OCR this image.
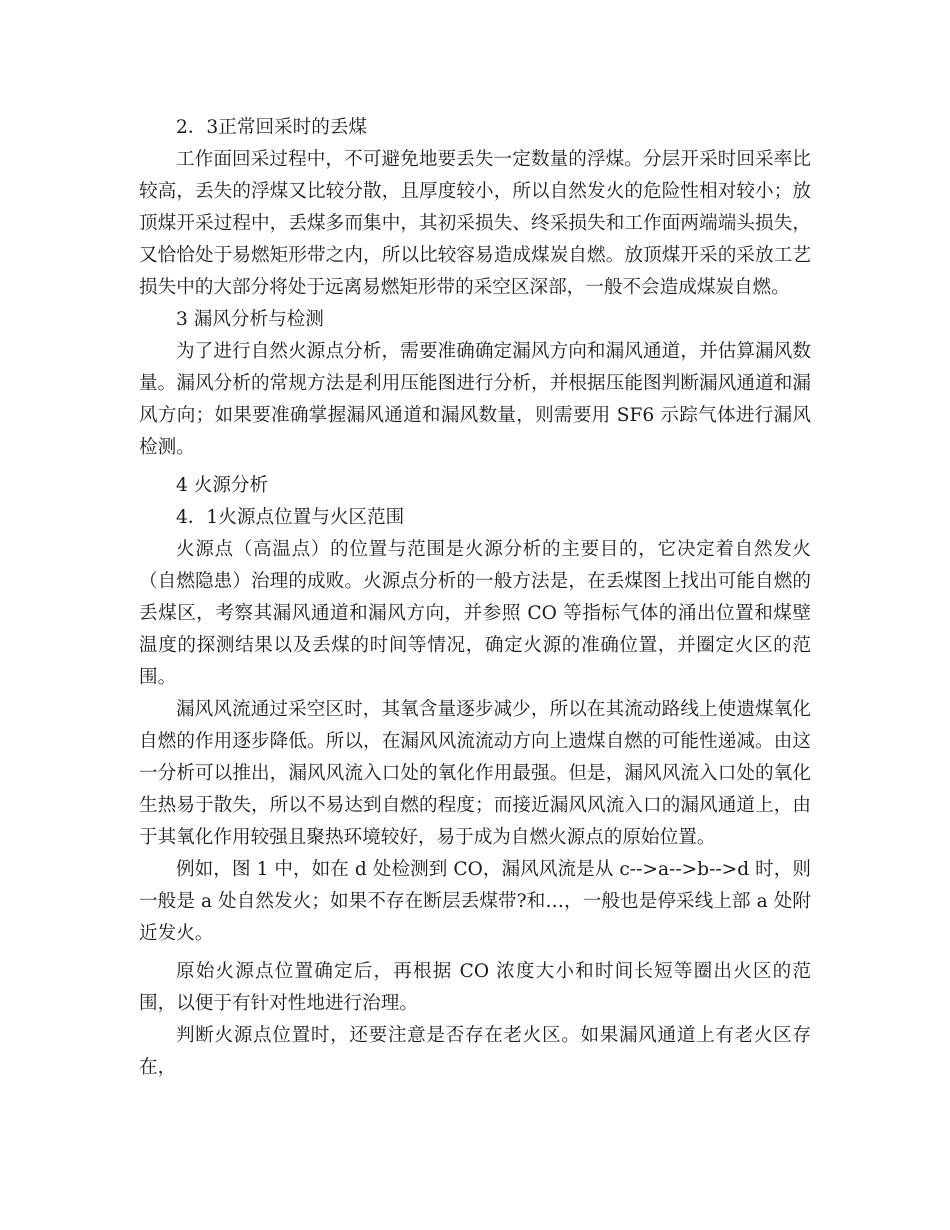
2．3正常回采时的丢煤

工作面回采过程中，不可避免地要丢失一定数量的浮煤。分层开采时回采率比较高，丢失的浮煤又比较分散，且厚度较小，所以自然发火的危险性相对较小；放顶煤开采过程中，丢煤多而集中，其初采损失、终采损失和工作面两端端头损失，又恰恰处于易燃矩形带之内，所以比较容易造成煤炭自燃。放顶煤开采的采放工艺损失中的大部分将处于远离易燃矩形带的采空区深部，一般不会造成煤炭自燃。

3 漏风分析与检测

为了进行自然火源点分析，需要准确确定漏风方向和漏风通道，并估算漏风数量。漏风分析的常规方法是利用压能图进行分析，并根据压能图判断漏风通道和漏风方向；如果要准确掌握漏风通道和漏风数量，则需要用 SF6 示踪气体进行漏风检测。

4 火源分析
4．1火源点位置与火区范围

火源点（高温点）的位置与范围是火源分析的主要目的，它决定着自然发火（自燃隐患）治理的成败。火源点分析的一般方法是，在丢煤图上找出可能自燃的丢煤区，考察其漏风通道和漏风方向，并参照 CO 等指标气体的涌出位置和煤壁温度的探测结果以及丢煤的时间等情况，确定火源的准确位置，并圈定火区的范围。

漏风风流通过采空区时，其氧含量逐步减少，所以在其流动路线上使遗煤氧化自燃的作用逐步降低。所以，在漏风风流流动方向上遗煤自燃的可能性递减。由这一分析可以推出，漏风风流入口处的氧化作用最强。但是，漏风风流入口处的氧化生热易于散失，所以不易达到自燃的程度；而接近漏风风流入口的漏风通道上，由于其氧化作用较强且聚热环境较好，易于成为自燃火源点的原始位置。

例如，图 1 中，如在 d 处检测到 CO，漏风风流是从 c-->a-->b-->d 时，则一般是 a 处自然发火；如果不存在断层丢煤带?和…，一般也是停采线上部 a 处附近发火。

原始火源点位置确定后，再根据 CO 浓度大小和时间长短等圈出火区的范围，以便于有针对性地进行治理。

判断火源点位置时，还要注意是否存在老火区。如果漏风通道上有老火区存在，
